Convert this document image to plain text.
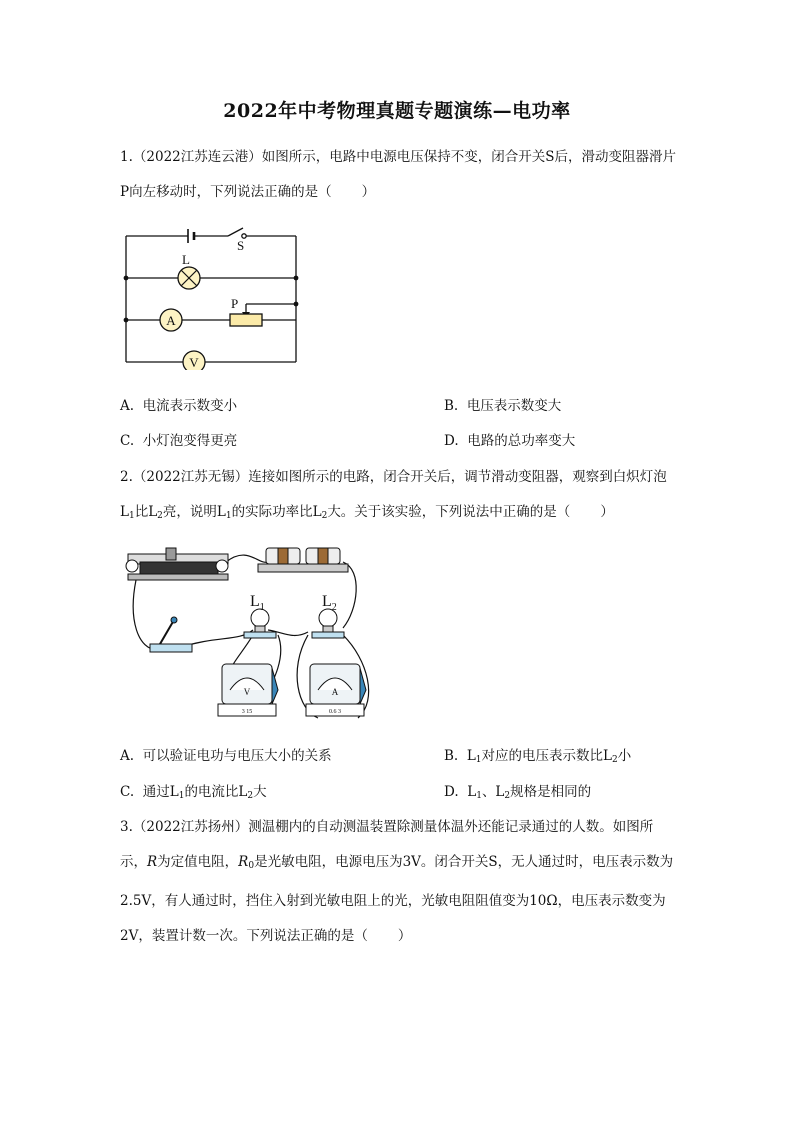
2022年中考物理真题专题演练—电功率
1.（2022江苏连云港）如图所示，电路中电源电压保持不变，闭合开关S后，滑动变阻器滑片P向左移动时，下列说法正确的是（ ）
A
V
L
S
P
A. 电流表示数变小	B. 电压表示数变大
C. 小灯泡变得更亮	D. 电路的总功率变大
2.（2022江苏无锡）连接如图所示的电路，闭合开关后，调节滑动变阻器，观察到白炽灯泡$L_1$比$L_2$亮，说明$L_1$的实际功率比$L_2$大。关于该实验，下列说法中正确的是（ ）
$L_1$	$L_2$
V	A
3 15	0.6 3
A. 可以验证电功与电压大小的关系	B. $L_1$对应的电压表示数比$L_2$小
C. 通过$L_1$的电流比$L_2$大	D. $L_1$、$L_2$规格是相同的
3.（2022江苏扬州）测温棚内的自动测温装置除测量体温外还能记录通过的人数。如图所示，R为定值电阻，$R_0$是光敏电阻，电源电压为3V。闭合开关S，无人通过时，电压表示数为2.5V，有人通过时，挡住入射到光敏电阻上的光，光敏电阻阻值变为10Ω，电压表示数变为2V，装置计数一次。下列说法正确的是（ ）
